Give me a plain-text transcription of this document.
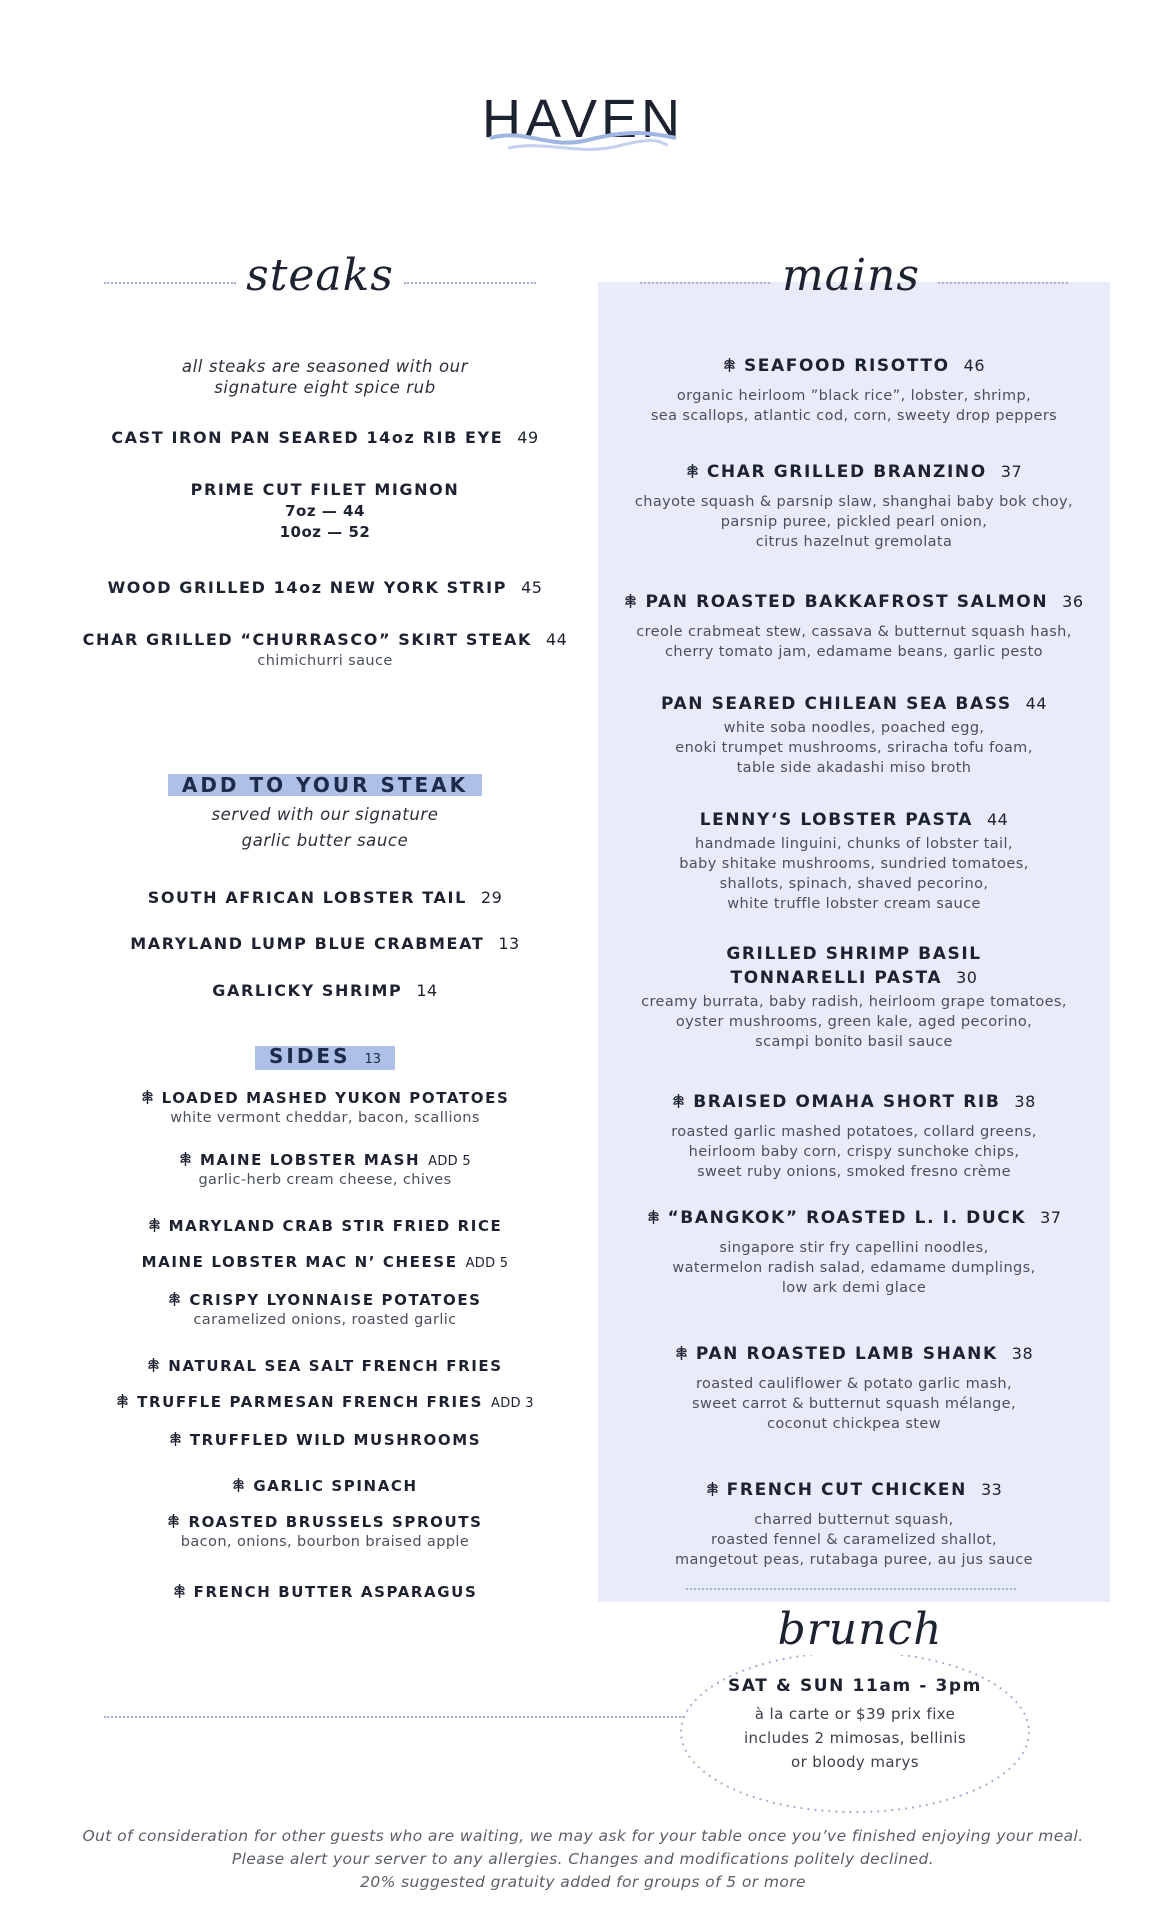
HAVEN
steaks	mains
all steaks are seasoned with our
signature eight spice rub
CAST IRON PAN SEARED 14oz RIB EYE 49
PRIME CUT FILET MIGNON
7oz — 44
10oz — 52
WOOD GRILLED 14oz NEW YORK STRIP 45
CHAR GRILLED “CHURRASCO” SKIRT STEAK 44
chimichurri sauce
ADD TO YOUR STEAK
served with our signature
garlic butter sauce
SOUTH AFRICAN LOBSTER TAIL 29
MARYLAND LUMP BLUE CRABMEAT 13
GARLICKY SHRIMP 14
SIDES 13
LOADED MASHED YUKON POTATOES
white vermont cheddar, bacon, scallions
MAINE LOBSTER MASH ADD 5
garlic-herb cream cheese, chives
MARYLAND CRAB STIR FRIED RICE
MAINE LOBSTER MAC N’ CHEESE ADD 5
CRISPY LYONNAISE POTATOES
caramelized onions, roasted garlic
NATURAL SEA SALT FRENCH FRIES
TRUFFLE PARMESAN FRENCH FRIES ADD 3
TRUFFLED WILD MUSHROOMS
GARLIC SPINACH
ROASTED BRUSSELS SPROUTS
bacon, onions, bourbon braised apple
FRENCH BUTTER ASPARAGUS
SEAFOOD RISOTTO 46
organic heirloom ”black rice”, lobster, shrimp,
sea scallops, atlantic cod, corn, sweety drop peppers
CHAR GRILLED BRANZINO 37
chayote squash & parsnip slaw, shanghai baby bok choy,
parsnip puree, pickled pearl onion,
citrus hazelnut gremolata
PAN ROASTED BAKKAFROST SALMON 36
creole crabmeat stew, cassava & butternut squash hash,
cherry tomato jam, edamame beans, garlic pesto
PAN SEARED CHILEAN SEA BASS 44
white soba noodles, poached egg,
enoki trumpet mushrooms, sriracha tofu foam,
table side akadashi miso broth
LENNY‘S LOBSTER PASTA 44
handmade linguini, chunks of lobster tail,
baby shitake mushrooms, sundried tomatoes,
shallots, spinach, shaved pecorino,
white truffle lobster cream sauce
GRILLED SHRIMP BASIL
TONNARELLI PASTA 30
creamy burrata, baby radish, heirloom grape tomatoes,
oyster mushrooms, green kale, aged pecorino,
scampi bonito basil sauce
BRAISED OMAHA SHORT RIB 38
roasted garlic mashed potatoes, collard greens,
heirloom baby corn, crispy sunchoke chips,
sweet ruby onions, smoked fresno crème
“BANGKOK” ROASTED L. I. DUCK 37
singapore stir fry capellini noodles,
watermelon radish salad, edamame dumplings,
low ark demi glace
PAN ROASTED LAMB SHANK 38
roasted cauliflower & potato garlic mash,
sweet carrot & butternut squash mélange,
coconut chickpea stew
FRENCH CUT CHICKEN 33
charred butternut squash,
roasted fennel & caramelized shallot,
mangetout peas, rutabaga puree, au jus sauce
brunch
SAT & SUN 11am - 3pm
à la carte or $39 prix fixe
includes 2 mimosas, bellinis
or bloody marys
Out of consideration for other guests who are waiting, we may ask for your table once you’ve finished enjoying your meal.
Please alert your server to any allergies. Changes and modifications politely declined.
20% suggested gratuity added for groups of 5 or more
